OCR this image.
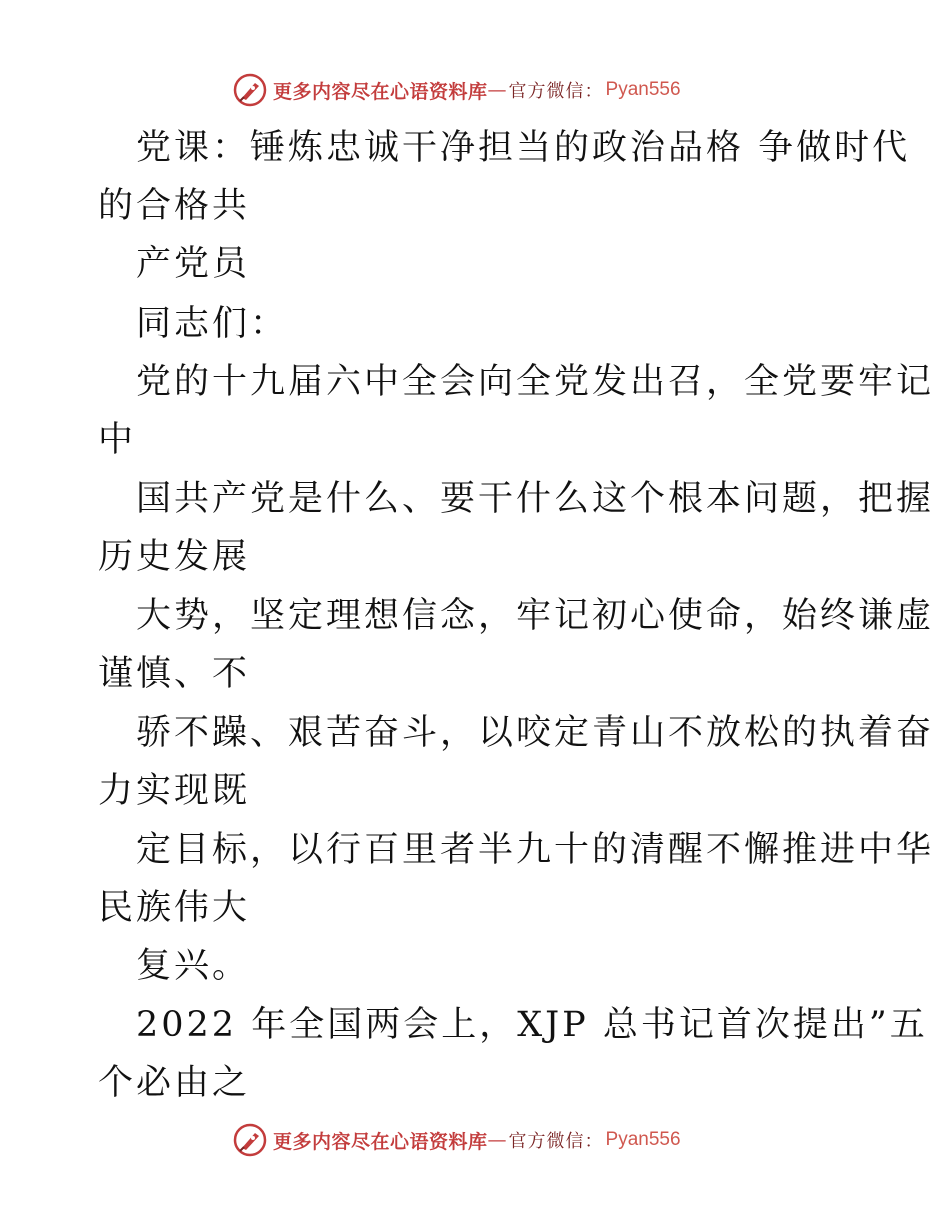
更多内容尽在心语资料库 — 官方微信： Pyan556
党课：锤炼忠诚干净担当的政治品格 争做时代
的合格共
产党员
同志们：
党的十九届六中全会向全党发出召，全党要牢记
中
国共产党是什么、要干什么这个根本问题，把握
历史发展
大势，坚定理想信念，牢记初心使命，始终谦虚
谨慎、不
骄不躁、艰苦奋斗，以咬定青山不放松的执着奋
力实现既
定目标，以行百里者半九十的清醒不懈推进中华
民族伟大
复兴。
2022 年全国两会上，XJP 总书记首次提出”五
个必由之
更多内容尽在心语资料库 — 官方微信： Pyan556
